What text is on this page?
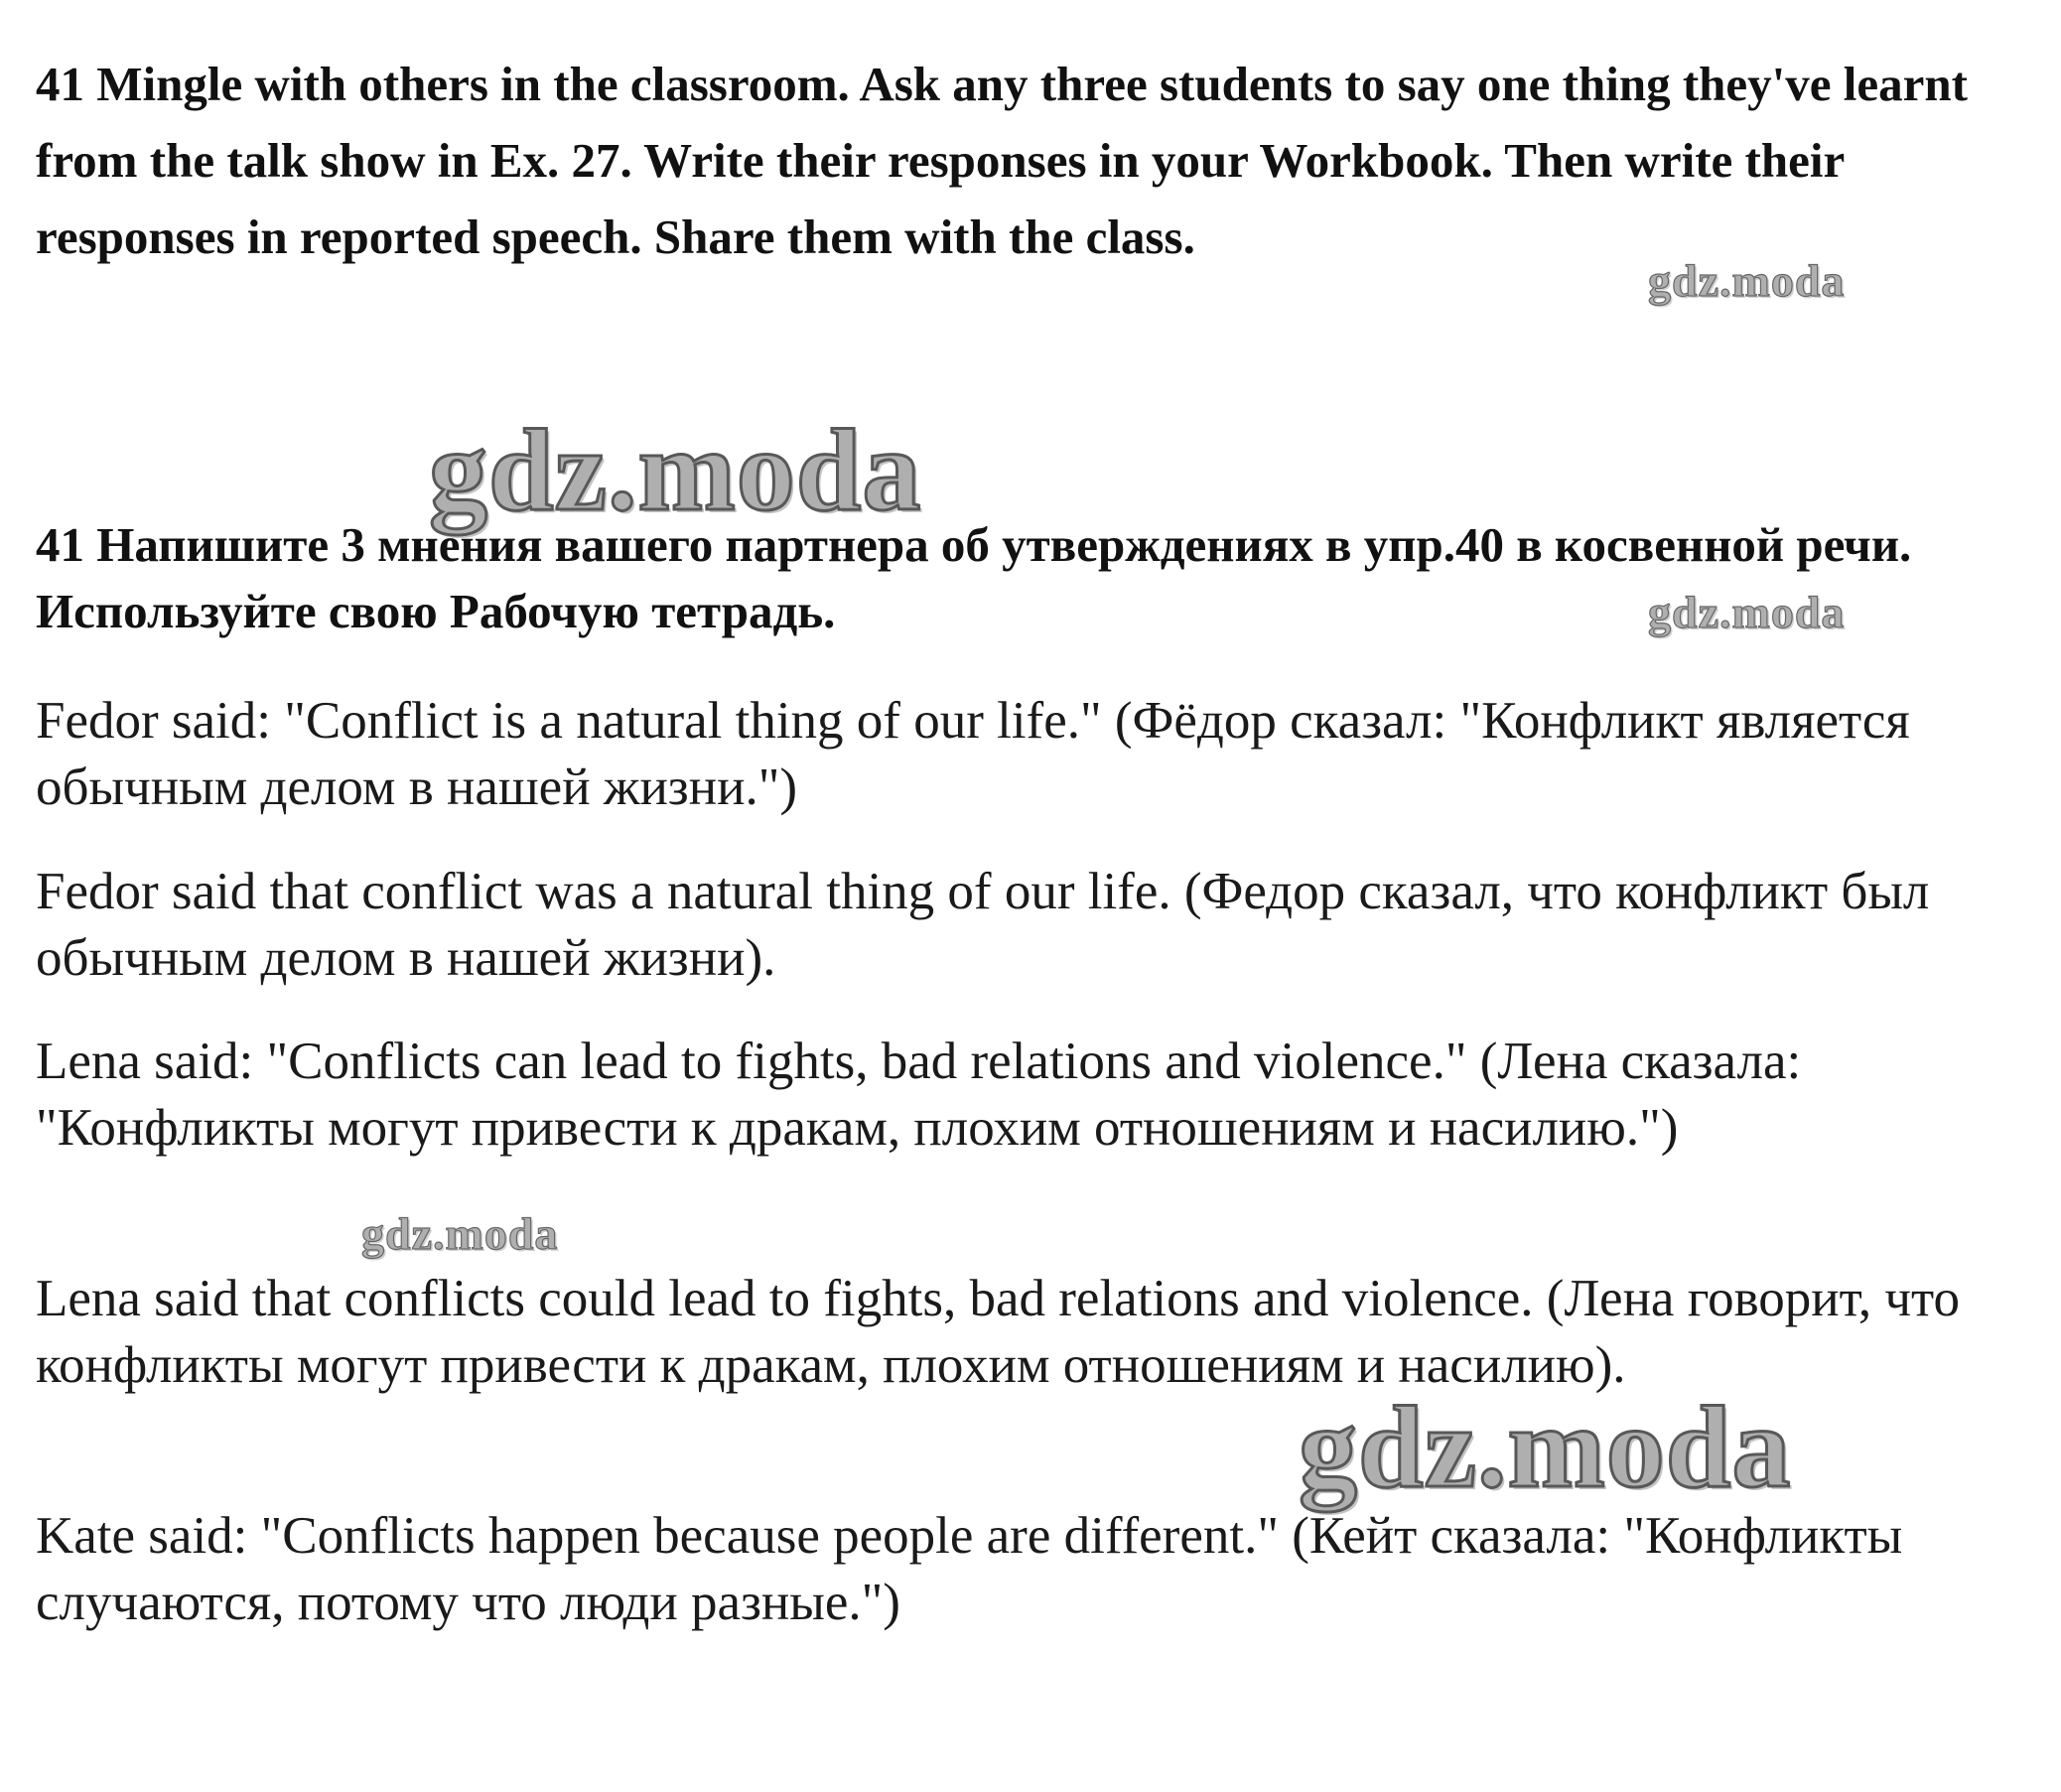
41 Mingle with others in the classroom. Ask any three students to say one thing they've learnt from the talk show in Ex. 27. Write their responses in your Workbook. Then write their responses in reported speech. Share them with the class.

41 Напишите 3 мнения вашего партнера об утверждениях в упр.40 в косвенной речи. Используйте свою Рабочую тетрадь.

Fedor said: "Conflict is a natural thing of our life." (Фёдор сказал: "Конфликт является обычным делом в нашей жизни.")

Fedor said that conflict was a natural thing of our life. (Федор сказал, что конфликт был обычным делом в нашей жизни).

Lena said: "Conflicts can lead to fights, bad relations and violence." (Лена сказала: "Конфликты могут привести к дракам, плохим отношениям и насилию.")

Lena said that conflicts could lead to fights, bad relations and violence. (Лена говорит, что конфликты могут привести к дракам, плохим отношениям и насилию).

Kate said: "Conflicts happen because people are different." (Кейт сказала: "Конфликты случаются, потому что люди разные.")

gdz.moda
gdz.moda
gdz.moda
gdz.moda
gdz.moda
